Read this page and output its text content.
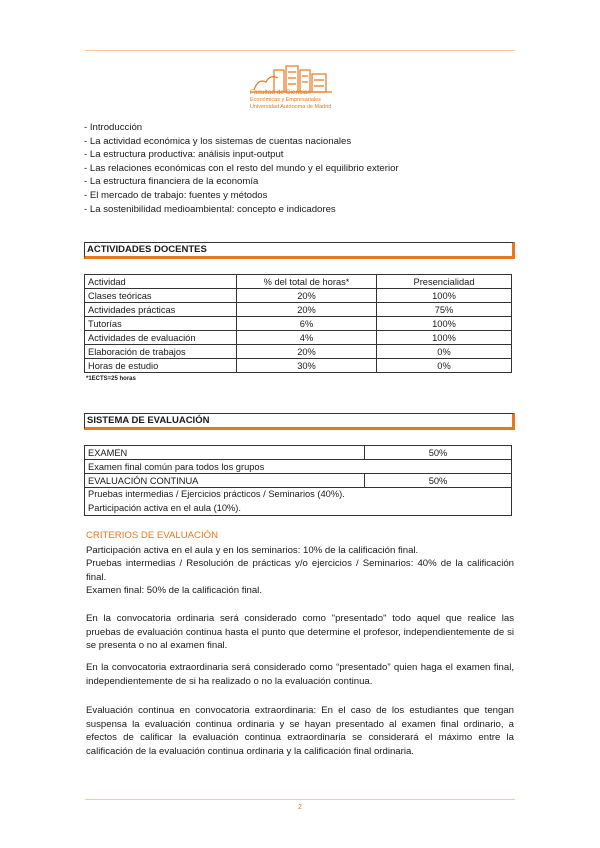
Facultad de Ciencias
Económicas y Empresariales
Universidad Autónoma de Madrid
- Introducción
- La actividad económica y los sistemas de cuentas nacionales
- La estructura productiva: análisis input-output
- Las relaciones económicas con el resto del mundo y el equilibrio exterior
- La estructura financiera de la economía
- El mercado de trabajo: fuentes y métodos
- La sostenibilidad medioambiental: concepto e indicadores
ACTIVIDADES DOCENTES
Actividad	% del total de horas*	Presencialidad
Clases teóricas	20%	100%
Actividades prácticas	20%	75%
Tutorías	6%	100%
Actividades de evaluación	4%	100%
Elaboración de trabajos	20%	0%
Horas de estudio	30%	0%
*1ECTS=25 horas
SISTEMA DE EVALUACIÓN
EXAMEN	50%
Examen final común para todos los grupos	
EVALUACIÓN CONTINUA	50%

Pruebas intermedias / Ejercicios prácticos / Seminarios (40%).
Participación activa en el aula (10%).	
CRITERIOS DE EVALUACIÓN
Participación activa en el aula y en los seminarios: 10% de la calificación final.
Pruebas intermedias / Resolución de prácticas y/o ejercicios / Seminarios: 40% de la calificación final.
Examen final: 50% de la calificación final.
En la convocatoria ordinaria será considerado como "presentado" todo aquel que realice las pruebas de evaluación continua hasta el punto que determine el profesor, independientemente de si se presenta o no al examen final.
En la convocatoria extraordinaria será considerado como “presentado” quien haga el examen final, independientemente de si ha realizado o no la evaluación continua.
Evaluación continua en convocatoria extraordinaria: En el caso de los estudiantes que tengan suspensa la evaluación continua ordinaria y se hayan presentado al examen final ordinario, a efectos de calificar la evaluación continua extraordinaria se considerará el máximo entre la calificación de la evaluación continua ordinaria y la calificación final ordinaria.
2
